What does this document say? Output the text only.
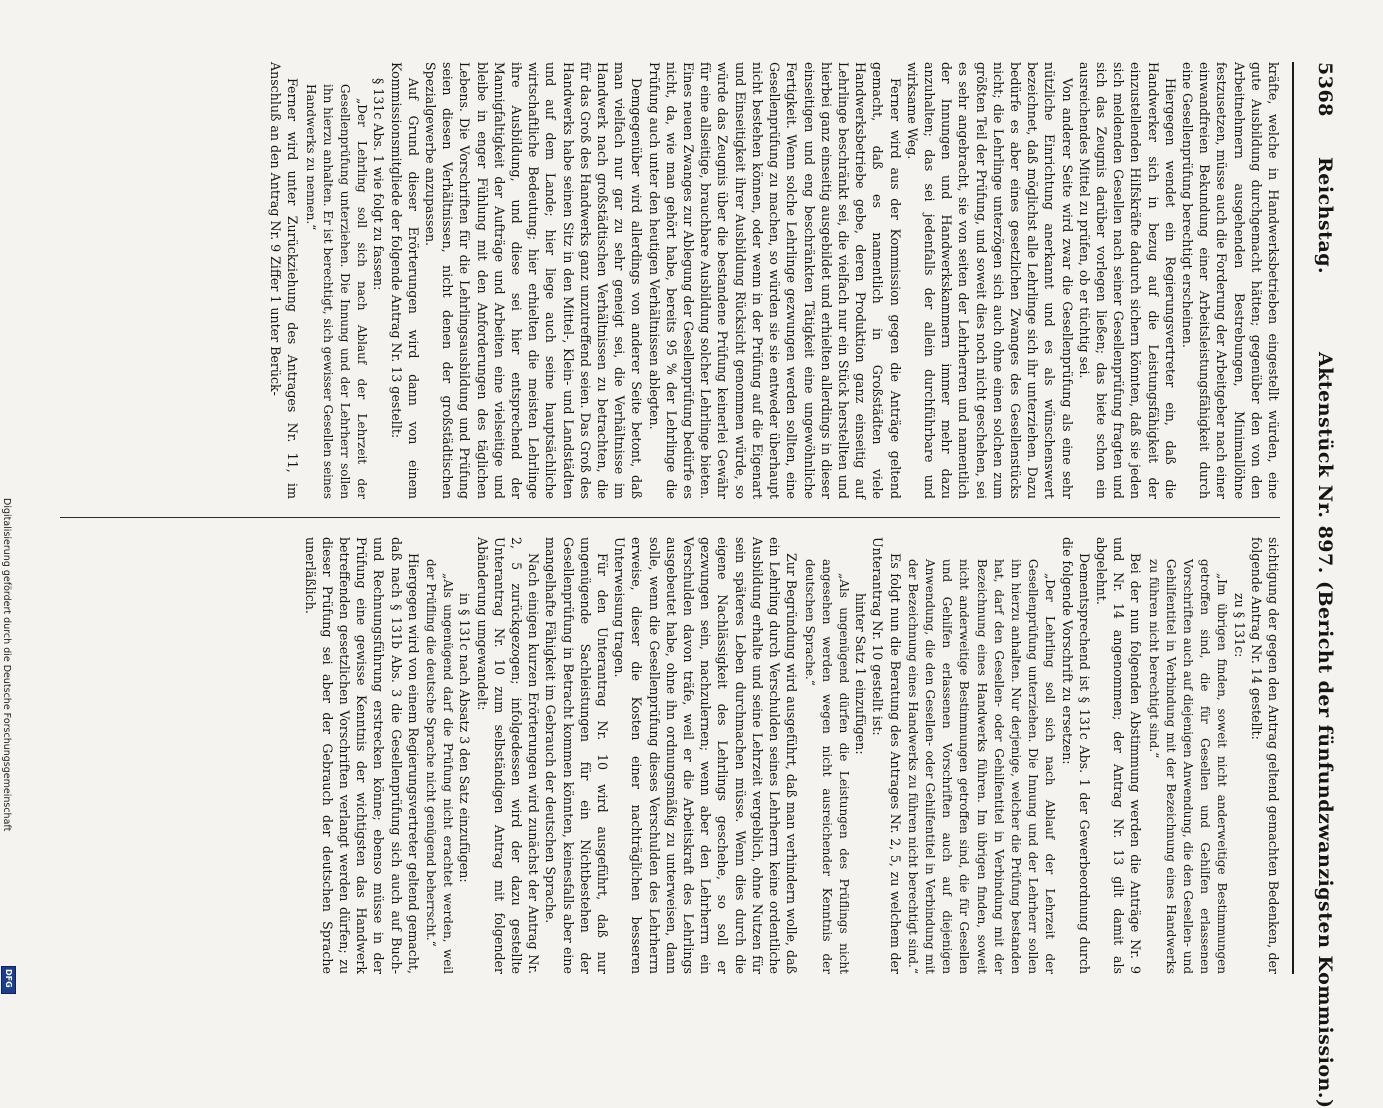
Digitalisierung gefördert durch die Deutsche Forschungsgemeinschaft
DFG
5368
Reichstag.
Aktenstück Nr. 897. (Bericht der fünfundzwanzigsten Kommission.)

kräfte, welche in Handwerksbetrieben eingestellt würden, eine gute Ausbildung durchgemacht hätten; gegenüber den von den Arbeitnehmern ausgehenden Bestrebungen, Minimallöhne festzusetzen, müsse auch die Forderung der Arbeitgeber nach einer einwandfreien Bekundung einer Arbeitsleistungsfähigkeit durch eine Gesellenprüfung berechtigt erscheinen.

Hiergegen wendet ein Regierungsvertreter ein, daß die Handwerker sich in bezug auf die Leistungsfähigkeit der einzustellenden Hilfskräfte dadurch sichern könnten, daß sie jeden sich meldenden Gesellen nach seiner Gesellenprüfung fragten und sich das Zeugnis darüber vorlegen ließen; das biete schon ein ausreichendes Mittel zu prüfen, ob er tüchtig sei.

Von anderer Seite wird zwar die Gesellenprüfung als eine sehr nützliche Einrichtung anerkannt und es als wünschenswert bezeichnet, daß möglichst alle Lehrlinge sich ihr unterziehen. Dazu bedürfe es aber eines gesetzlichen Zwanges des Gesellenstücks nicht; die Lehrlinge unterzögen sich auch ohne einen solchen zum größten Teil der Prüfung, und soweit dies noch nicht geschehen, sei es sehr angebracht, sie von seiten der Lehrherren und namentlich der Innungen und Handwerkskammern immer mehr dazu anzuhalten; das sei jedenfalls der allein durchführbare und wirksame Weg.

Ferner wird aus der Kommission gegen die Anträge geltend gemacht, daß es namentlich in Großstädten viele Handwerksbetriebe gebe, deren Produktion ganz einseitig auf Lehrlinge beschränkt sei, die vielfach nur ein Stück herstellten und hierbei ganz einseitig ausgebildet und erhielten allerdings in dieser einseitigen und eng beschränkten Tätigkeit eine ungewöhnliche Fertigkeit. Wenn solche Lehrlinge gezwungen werden sollten, eine Gesellenprüfung zu machen, so würden sie sie entweder überhaupt nicht bestehen können, oder wenn in der Prüfung auf die Eigenart und Einseitigkeit ihrer Ausbildung Rücksicht genommen würde, so würde das Zeugnis über die bestandene Prüfung keinerlei Gewähr für eine allseitige, brauchbare Ausbildung solcher Lehrlinge bieten. Eines neuen Zwanges zur Ablegung der Gesellenprüfung bedürfe es nicht, da, wie man gehört habe, bereits 95 % der Lehrlinge die Prüfung auch unter den heutigen Verhältnissen ablegten.

Demgegenüber wird allerdings von anderer Seite betont, daß man vielfach nur gar zu sehr geneigt sei, die Verhältnisse im Handwerk nach großstädtischen Verhältnissen zu betrachten, die für das Groß des Handwerks ganz unzutreffend seien. Das Groß des Handwerks habe seinen Sitz in den Mittel-, Klein- und Landstädten und auf dem Lande; hier liege auch seine hauptsächliche wirtschaftliche Bedeutung; hier erhielten die meisten Lehrlinge ihre Ausbildung, und diese sei hier entsprechend der Mannigfaltigkeit der Aufträge und Arbeiten eine vielseitige und bleibe in enger Fühlung mit den Anforderungen des täglichen Lebens. Die Vorschriften für die Lehrlingsausbildung und Prüfung seien diesen Verhältnissen, nicht denen der großstädtischen Spezialgewerbe anzupassen.

Auf Grund dieser Erörterungen wird dann von einem Kommissionsmitgliede der folgende Antrag Nr. 13 gestellt:

§ 131c Abs. 1 wie folgt zu fassen:

„Der Lehrling soll sich nach Ablauf der Lehrzeit der Gesellenprüfung unterziehen. Die Innung und der Lehrherr sollen ihn hierzu anhalten. Er ist berechtigt, sich gewisser Gesellen seines Handwerks zu nennen.“

Ferner wird unter Zurückziehung des Antrages Nr. 11, im Anschluß an den Antrag Nr. 9 Ziffer 1 unter Berück-

sichtigung der gegen den Antrag geltend gemachten Bedenken, der folgende Antrag Nr. 14 gestellt:

zu § 131c:

„Im übrigen finden, soweit nicht anderweitige Bestimmungen getroffen sind, die für Gesellen und Gehilfen erlassenen Vorschriften auch auf diejenigen Anwendung, die den Gesellen- und Gehilfentitel in Verbindung mit der Bezeichnung eines Handwerks zu führen nicht berechtigt sind.“

Bei der nun folgenden Abstimmung werden die Anträge Nr. 9 und Nr. 14 angenommen; der Antrag Nr. 13 gilt damit als abgelehnt.

Dementsprechend ist § 131c Abs. 1 der Gewerbeordnung durch die folgende Vorschrift zu ersetzen:

„Der Lehrling soll sich nach Ablauf der Lehrzeit der Gesellenprüfung unterziehen. Die Innung und der Lehrherr sollen ihn hierzu anhalten. Nur derjenige, welcher die Prüfung bestanden hat, darf den Gesellen- oder Gehilfentitel in Verbindung mit der Bezeichnung eines Handwerks führen. Im übrigen finden, soweit nicht anderweitige Bestimmungen getroffen sind, die für Gesellen und Gehilfen erlassenen Vorschriften auch auf diejenigen Anwendung, die den Gesellen- oder Gehilfentitel in Verbindung mit der Bezeichnung eines Handwerks zu führen nicht berechtigt sind.“

Es folgt nun die Beratung des Antrages Nr. 2, 5, zu welchem der Unterantrag Nr. 10 gestellt ist:

hinter Satz 1 einzufügen:

„Als ungenügend dürfen die Leistungen des Prüflings nicht angesehen werden wegen nicht ausreichender Kenntnis der deutschen Sprache.“

Zur Begründung wird ausgeführt, daß man verhindern wolle, daß ein Lehrling durch Verschulden seines Lehrherrn keine ordentliche Ausbildung erhalte und seine Lehrzeit vergeblich, ohne Nutzen für sein späteres Leben durchmachen müsse. Wenn dies durch die eigene Nachlässigkeit des Lehrlings geschehe, so soll er gezwungen sein, nachzulernen; wenn aber den Lehrherrn ein Verschulden davon träfe, weil er die Arbeitskraft des Lehrlings ausgebeutet habe, ohne ihn ordnungsmäßig zu unterweisen, dann solle, wenn die Gesellenprüfung dieses Verschulden des Lehrherrn erweise, dieser die Kosten einer nachträglichen besseren Unterweisung tragen.

Für den Unterantrag Nr. 10 wird ausgeführt, daß nur ungenügende Sachleistungen für ein Nichtbestehen der Gesellenprüfung in Betracht kommen könnten, keinesfalls aber eine mangelhafte Fähigkeit im Gebrauch der deutschen Sprache.

Nach einigen kurzen Erörterungen wird zunächst der Antrag Nr. 2, 5 zurückgezogen; infolgedessen wird der dazu gestellte Unterantrag Nr. 10 zum selbständigen Antrag mit folgender Abänderung umgewandelt:

in § 131c nach Absatz 3 den Satz einzufügen:

„Als ungenügend darf die Prüfung nicht erachtet werden, weil der Prüfling die deutsche Sprache nicht genügend beherrscht.“

Hiergegen wird von einem Regierungsvertreter geltend gemacht, daß nach § 131b Abs. 3 die Gesellenprüfung sich auch auf Buch- und Rechnungsführung erstrecken könne; ebenso müsse in der Prüfung eine gewisse Kenntnis der wichtigsten das Handwerk betreffenden gesetzlichen Vorschriften verlangt werden dürfen; zu dieser Prüfung sei aber der Gebrauch der deutschen Sprache unerläßlich.
